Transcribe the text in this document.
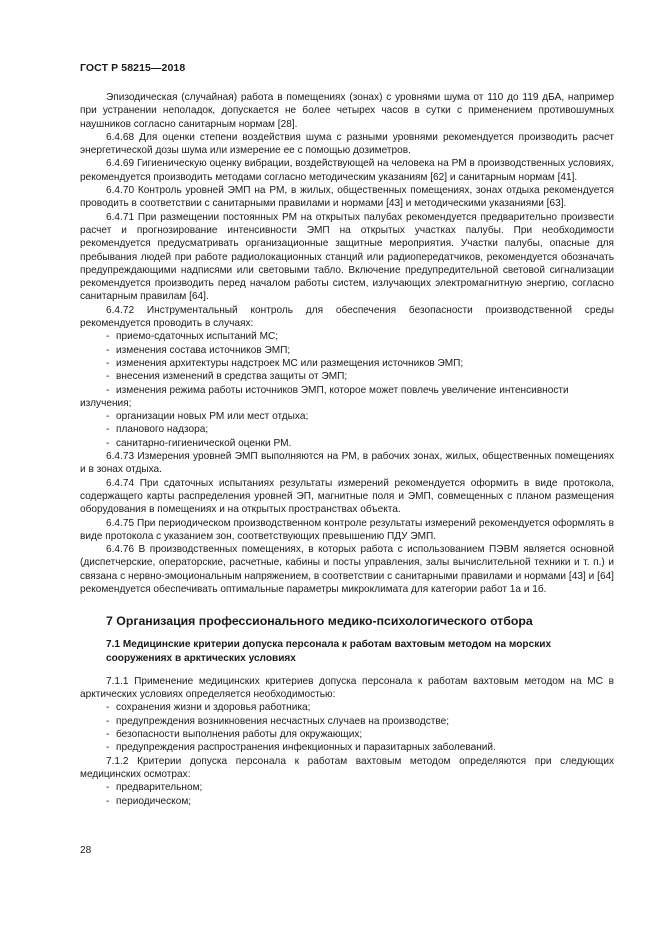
ГОСТ Р 58215—2018

Эпизодическая (случайная) работа в помещениях (зонах) с уровнями шума от 110 до 119 дБА, например при устранении неполадок, допускается не более четырех часов в сутки с применением противошумных наушников согласно санитарным нормам [28].

6.4.68 Для оценки степени воздействия шума с разными уровнями рекомендуется производить расчет энергетической дозы шума или измерение ее с помощью дозиметров.

6.4.69 Гигиеническую оценку вибрации, воздействующей на человека на РМ в производственных условиях, рекомендуется производить методами согласно методическим указаниям [62] и санитарным нормам [41].

6.4.70 Контроль уровней ЭМП на РМ, в жилых, общественных помещениях, зонах отдыха рекомендуется проводить в соответствии с санитарными правилами и нормами [43] и методическими указаниями [63].

6.4.71 При размещении постоянных РМ на открытых палубах рекомендуется предварительно произвести расчет и прогнозирование интенсивности ЭМП на открытых участках палубы. При необходимости рекомендуется предусматривать организационные защитные мероприятия. Участки палубы, опасные для пребывания людей при работе радиолокационных станций или радиопередатчиков, рекомендуется обозначать предупреждающими надписями или световыми табло. Включение предупредительной световой сигнализации рекомендуется производить перед началом работы систем, излучающих электромагнитную энергию, согласно санитарным правилам [64].

6.4.72 Инструментальный контроль для обеспечения безопасности производственной среды рекомендуется проводить в случаях:

- приемо-сдаточных испытаний МС;
- изменения состава источников ЭМП;
- изменения архитектуры надстроек МС или размещения источников ЭМП;
- внесения изменений в средства защиты от ЭМП;
- изменения режима работы источников ЭМП, которое может повлечь увеличение интенсивности
излучения;
- организации новых РМ или мест отдыха;
- планового надзора;
- санитарно-гигиенической оценки РМ.

6.4.73 Измерения уровней ЭМП выполняются на РМ, в рабочих зонах, жилых, общественных помещениях и в зонах отдыха.

6.4.74 При сдаточных испытаниях результаты измерений рекомендуется оформить в виде протокола, содержащего карты распределения уровней ЭП, магнитные поля и ЭМП, совмещенных с планом размещения оборудования в помещениях и на открытых пространствах объекта.

6.4.75 При периодическом производственном контроле результаты измерений рекомендуется оформлять в виде протокола с указанием зон, соответствующих превышению ПДУ ЭМП.

6.4.76 В производственных помещениях, в которых работа с использованием ПЭВМ является основной (диспетчерские, операторские, расчетные, кабины и посты управления, залы вычислительной техники и т. п.) и связана с нервно-эмоциональным напряжением, в соответствии с санитарными правилами и нормами [43] и [64] рекомендуется обеспечивать оптимальные параметры микроклимата для категории работ 1а и 1б.

7 Организация профессионального медико-психологического отбора
7.1 Медицинские критерии допуска персонала к работам вахтовым методом на морских сооружениях в арктических условиях

7.1.1 Применение медицинских критериев допуска персонала к работам вахтовым методом на МС в арктических условиях определяется необходимостью:

- сохранения жизни и здоровья работника;
- предупреждения возникновения несчастных случаев на производстве;
- безопасности выполнения работы для окружающих;
- предупреждения распространения инфекционных и паразитарных заболеваний.

7.1.2 Критерии допуска персонала к работам вахтовым методом определяются при следующих медицинских осмотрах:

- предварительном;
- периодическом;
28
